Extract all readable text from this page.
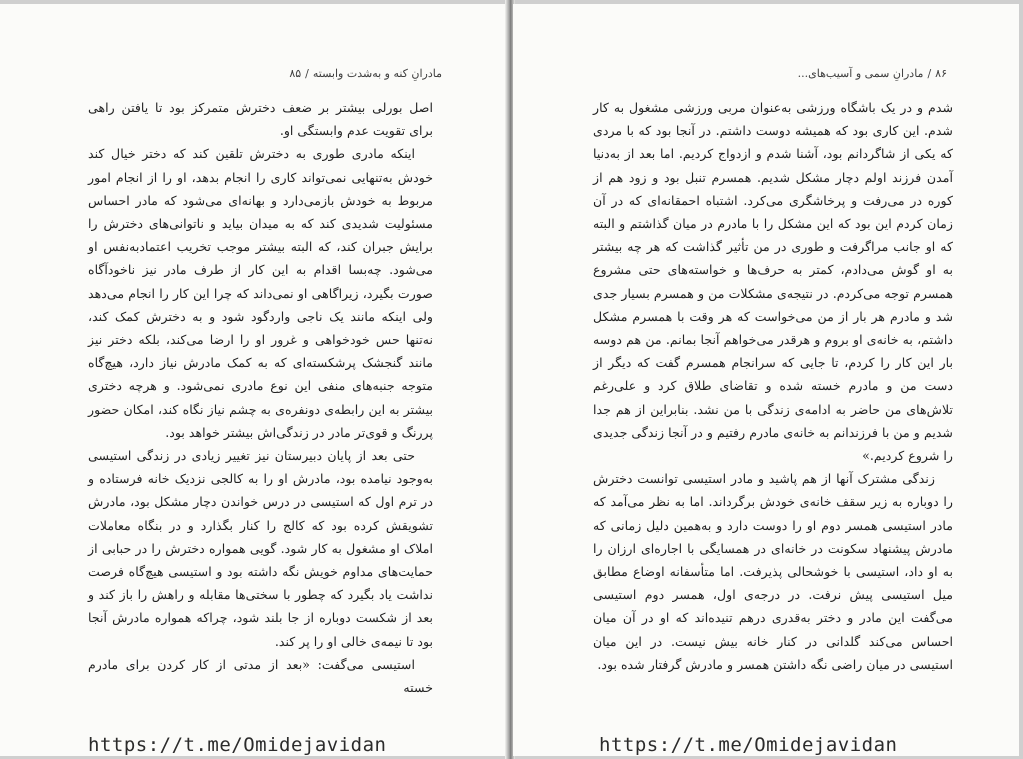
مادرانِ کنه و به‌شدت وابسته
/
۸۵

اصل بورلی بیشتر بر ضعف دخترش متمرکز بود تا یافتن راهی برای تقویت عدم وابستگی او.

اینکه مادری طوری به دخترش تلقین کند که دختر خیال کند خودش به‌تنهایی نمی‌تواند کاری را انجام بدهد، او را از انجام امور مربوط به خودش بازمی‌دارد و بهانه‌ای می‌شود که مادر احساس مسئولیت شدیدی کند که به میدان بیاید و ناتوانی‌های دخترش را برایش جبران کند، که البته بیشتر موجب تخریب اعتمادبه‌نفس او می‌شود. چه‌بسا اقدام به این کار از طرف مادر نیز ناخودآگاه صورت بگیرد، زیراگاهی او نمی‌داند که چرا این کار را انجام می‌دهد ولی اینکه مانند یک ناجی واردگود شود و به دخترش کمک کند، نه‌تنها حس خودخواهی و غرور او را ارضا می‌کند، بلکه دختر نیز مانند گنجشک پرشکسته‌ای که به کمک مادرش نیاز دارد، هیچ‌گاه متوجه جنبه‌های منفی این نوع مادری نمی‌شود. و هرچه دختری بیشتر به این رابطه‌ی دونفره‌ی به چشم نیاز نگاه کند، امکان حضور پررنگ و قوی‌تر مادر در زندگی‌اش بیشتر خواهد بود.

حتی بعد از پایان دبیرستان نیز تغییر زیادی در زندگی استیسی به‌وجود نیامده بود، مادرش او را به کالجی نزدیک خانه فرستاده و در ترم اول که استیسی در درس خواندن دچار مشکل بود، مادرش تشویقش کرده بود که کالج را کنار بگذارد و در بنگاه معاملات املاک او مشغول به کار شود. گویی همواره دخترش را در حبابی از حمایت‌های مداوم خویش نگه داشته بود و استیسی هیچ‌گاه فرصت نداشت یاد بگیرد که چطور با سختی‌ها مقابله و راهش را باز کند و بعد از شکست دوباره از جا بلند شود، چراکه همواره مادرش آنجا بود تا نیمه‌ی خالی او را پر کند.

استیسی می‌گفت: «بعد از مدتی از کار کردن برای مادرم خسته

https://t.me/Omidejavidan
۸۶
/
مادرانِ سمی و آسیب‌های...

شدم و در یک باشگاه ورزشی به‌عنوان مربی ورزشی مشغول به کار شدم. این کاری بود که همیشه دوست داشتم. در آنجا بود که با مردی که یکی از شاگردانم بود، آشنا شدم و ازدواج کردیم. اما بعد از به‌دنیا آمدن فرزند اولم دچار مشکل شدیم. همسرم تنبل بود و زود هم از کوره در می‌رفت و پرخاشگری می‌کرد. اشتباه احمقانه‌ای که در آن زمان کردم این بود که این مشکل را با مادرم در میان گذاشتم و البته که او جانب مراگرفت و طوری در من تأثیر گذاشت که هر چه بیشتر به او گوش می‌دادم، کمتر به حرف‌ها و خواسته‌های حتی مشروع همسرم توجه می‌کردم. در نتیجه‌ی مشکلات من و همسرم بسیار جدی شد و مادرم هر بار از من می‌خواست که هر وقت با همسرم مشکل داشتم، به خانه‌ی او بروم و هرقدر می‌خواهم آنجا بمانم. من هم دوسه بار این کار را کردم، تا جایی که سرانجام همسرم گفت که دیگر از دست من و مادرم خسته شده و تقاضای طلاق کرد و علی‌رغم تلاش‌های من حاضر به ادامه‌ی زندگی با من نشد. بنابراین از هم جدا شدیم و من با فرزندانم به خانه‌ی مادرم رفتیم و در آنجا زندگی جدیدی را شروع کردیم.»

زندگی مشترک آنها از هم پاشید و مادر استیسی توانست دخترش را دوباره به زیر سقف خانه‌ی خودش برگرداند. اما به نظر می‌آمد که مادر استیسی همسر دوم او را دوست دارد و به‌همین دلیل زمانی که مادرش پیشنهاد سکونت در خانه‌ای در همسایگی با اجاره‌ای ارزان را به او داد، استیسی با خوشحالی پذیرفت. اما متأسفانه اوضاع مطابق میل استیسی پیش نرفت. در درجه‌ی اول، همسر دوم استیسی می‌گفت این مادر و دختر به‌قدری درهم تنیده‌اند که او در آن میان احساس می‌کند گلدانی در کنار خانه بیش نیست. در این میان استیسی در میان راضی نگه داشتن همسر و مادرش گرفتار شده بود.

https://t.me/Omidejavidan
